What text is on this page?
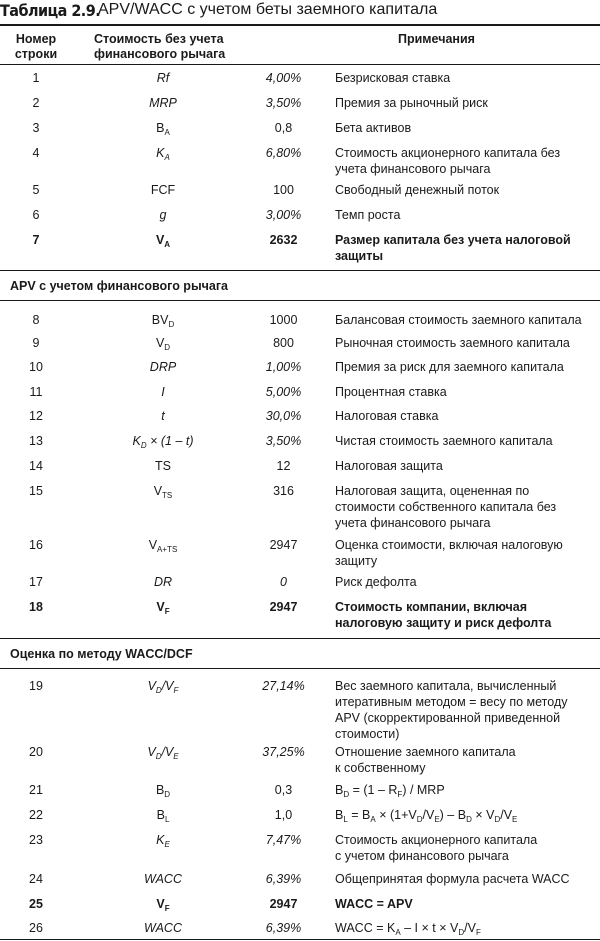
Таблица 2.9.
APV/WACC с учетом беты заемного капитала
Номер
строки
Стоимость без учета
финансового рычага
Примечания
1	Rf	4,00%	Безрисковая ставка
2	MRP	3,50%	Премия за рыночный риск
3	$B_A$	0,8	Бета активов
4	$K_A$	6,80%	Стоимость акционерного капитала без
учета финансового рычага
5	FCF	100	Свободный денежный поток
6	g	3,00%	Темп роста
7	$V_A$	2632	Размер капитала без учета налоговой
защиты
APV с учетом финансового рычага
8	$BV_D$	1000	Балансовая стоимость заемного капитала
9	$V_D$	800	Рыночная стоимость заемного капитала
10	DRP	1,00%	Премия за риск для заемного капитала
11	I	5,00%	Процентная ставка
12	t	30,0%	Налоговая ставка
13	$K_D \times (1 - t)$	3,50%	Чистая стоимость заемного капитала
14	TS	12	Налоговая защита
15	$V_{TS}$	316	Налоговая защита, оцененная по
стоимости собственного капитала без
учета финансового рычага
16	$V_{A+TS}$	2947	Оценка стоимости, включая налоговую
защиту
17	DR	0	Риск дефолта
18	$V_F$	2947	Стоимость компании, включая
налоговую защиту и риск дефолта
Оценка по методу WACC/DCF
19	$V_D/V_F$	27,14%	Вес заемного капитала, вычисленный
итеративным методом = весу по методу
APV (скорректированной приведенной
стоимости)
20	$V_D/V_E$	37,25%	Отношение заемного капитала
к собственному
21	$B_D$	0,3	$B_D = (1 - R_F)$ / MRP
22	$B_L$	1,0	$B_L = B_A \times (1+V_D/V_E) - B_D \times V_D/V_E$
23	$K_E$	7,47%	Стоимость акционерного капитала
с учетом финансового рычага
24	WACC	6,39%	Общепринятая формула расчета WACC
25	$V_F$	2947	WACC = APV
26	WACC	6,39%	WACC = $K_A - I \times t \times V_D/V_F$
